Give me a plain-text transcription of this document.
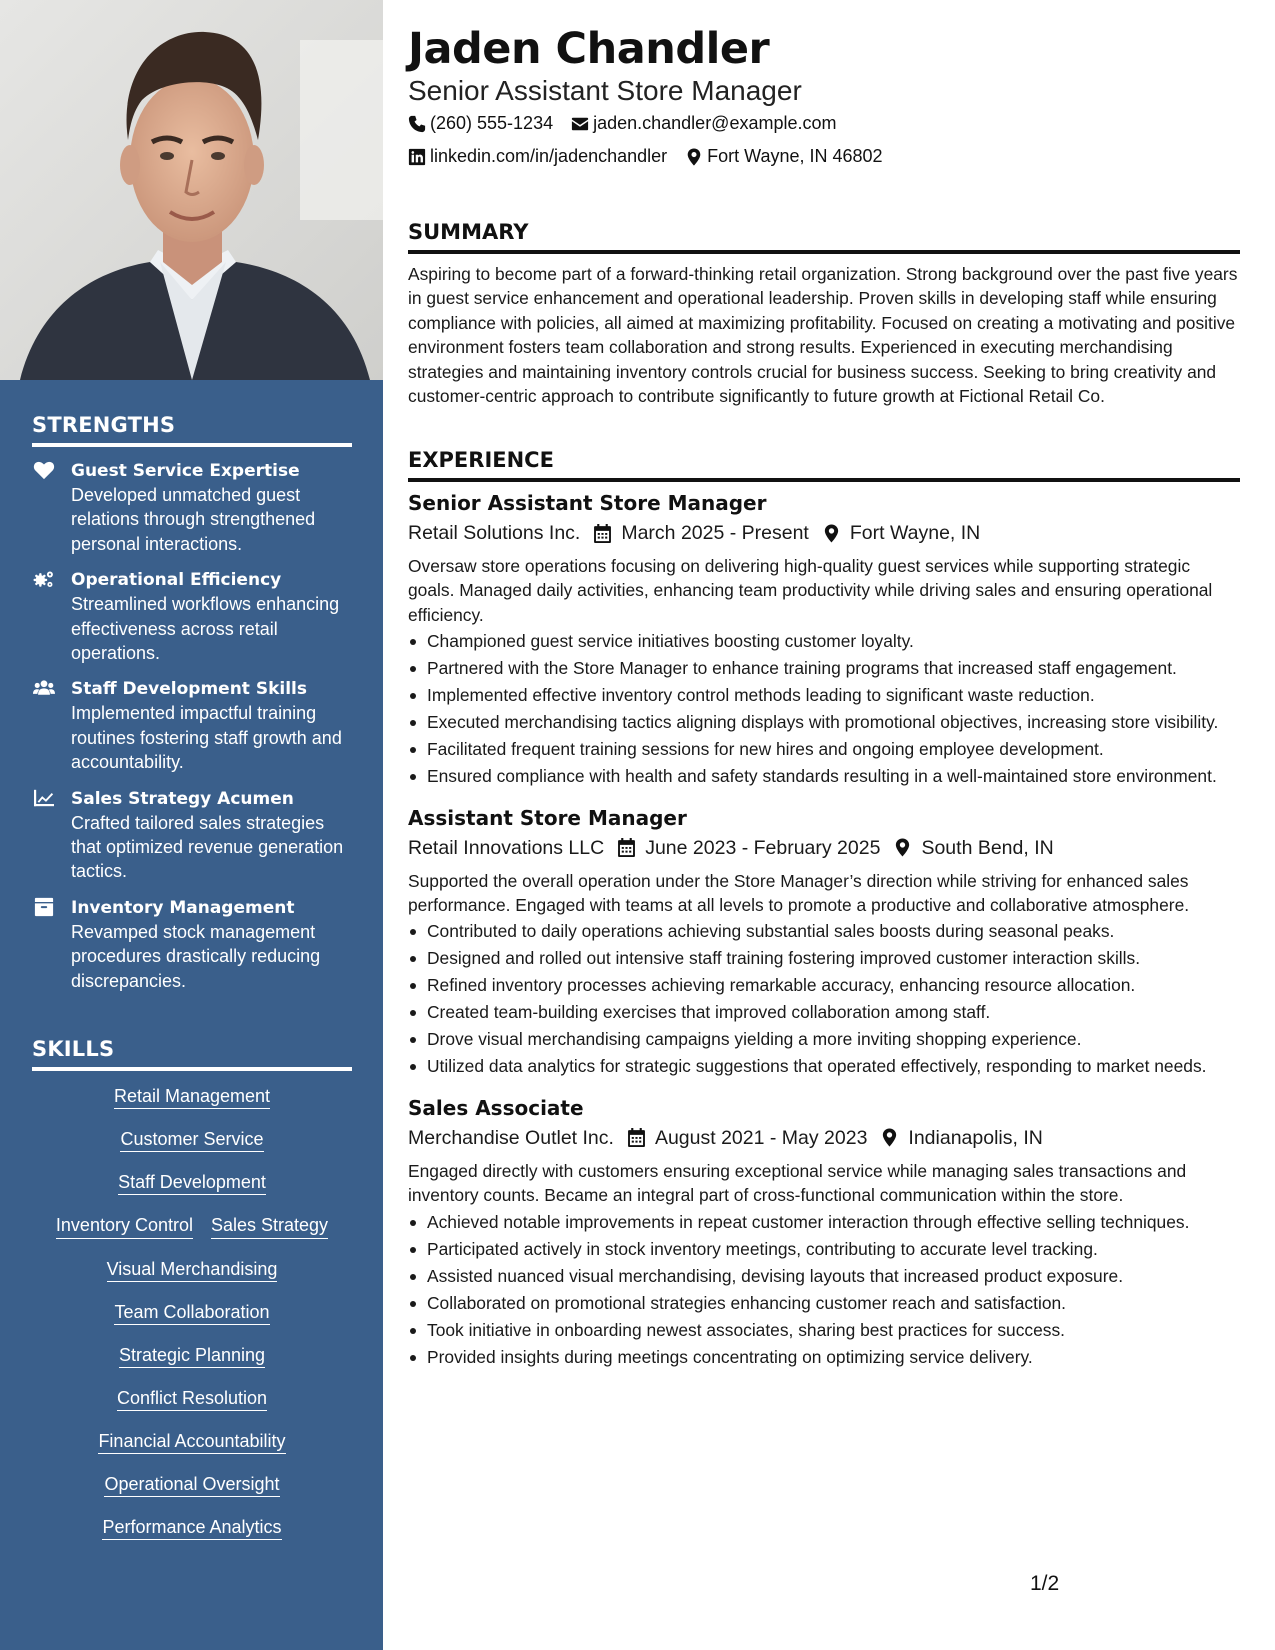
STRENGTHS
Guest Service Expertise
Developed unmatched guest relations through strengthened personal interactions.
Operational Efficiency
Streamlined workflows enhancing effectiveness across retail operations.
Staff Development Skills
Implemented impactful training routines fostering staff growth and accountability.
Sales Strategy Acumen
Crafted tailored sales strategies that optimized revenue generation tactics.
Inventory Management
Revamped stock management procedures drastically reducing discrepancies.
SKILLS
Retail Management
Customer Service
Staff Development
Inventory Control Sales Strategy
Visual Merchandising
Team Collaboration
Strategic Planning
Conflict Resolution
Financial Accountability
Operational Oversight
Performance Analytics
Jaden Chandler
Senior Assistant Store Manager
(260) 555-1234 jaden.chandler@example.com
linkedin.com/in/jadenchandler Fort Wayne, IN 46802
SUMMARY

Aspiring to become part of a forward-thinking retail organization. Strong background over the past five years in guest service enhancement and operational leadership. Proven skills in developing staff while ensuring compliance with policies, all aimed at maximizing profitability. Focused on creating a motivating and positive environment fosters team collaboration and strong results. Experienced in executing merchandising strategies and maintaining inventory controls crucial for business success. Seeking to bring creativity and customer-centric approach to contribute significantly to future growth at Fictional Retail Co.

EXPERIENCE
Senior Assistant Store Manager
Retail Solutions Inc. March 2025 - Present Fort Wayne, IN

Oversaw store operations focusing on delivering high-quality guest services while supporting strategic goals. Managed daily activities, enhancing team productivity while driving sales and ensuring operational efficiency.

Championed guest service initiatives boosting customer loyalty.
Partnered with the Store Manager to enhance training programs that increased staff engagement.
Implemented effective inventory control methods leading to significant waste reduction.
Executed merchandising tactics aligning displays with promotional objectives, increasing store visibility.
Facilitated frequent training sessions for new hires and ongoing employee development.
Ensured compliance with health and safety standards resulting in a well-maintained store environment.
Assistant Store Manager
Retail Innovations LLC June 2023 - February 2025 South Bend, IN

Supported the overall operation under the Store Manager’s direction while striving for enhanced sales performance. Engaged with teams at all levels to promote a productive and collaborative atmosphere.

Contributed to daily operations achieving substantial sales boosts during seasonal peaks.
Designed and rolled out intensive staff training fostering improved customer interaction skills.
Refined inventory processes achieving remarkable accuracy, enhancing resource allocation.
Created team-building exercises that improved collaboration among staff.
Drove visual merchandising campaigns yielding a more inviting shopping experience.
Utilized data analytics for strategic suggestions that operated effectively, responding to market needs.
Sales Associate
Merchandise Outlet Inc. August 2021 - May 2023 Indianapolis, IN

Engaged directly with customers ensuring exceptional service while managing sales transactions and inventory counts. Became an integral part of cross-functional communication within the store.

Achieved notable improvements in repeat customer interaction through effective selling techniques.
Participated actively in stock inventory meetings, contributing to accurate level tracking.
Assisted nuanced visual merchandising, devising layouts that increased product exposure.
Collaborated on promotional strategies enhancing customer reach and satisfaction.
Took initiative in onboarding newest associates, sharing best practices for success.
Provided insights during meetings concentrating on optimizing service delivery.
1/2
